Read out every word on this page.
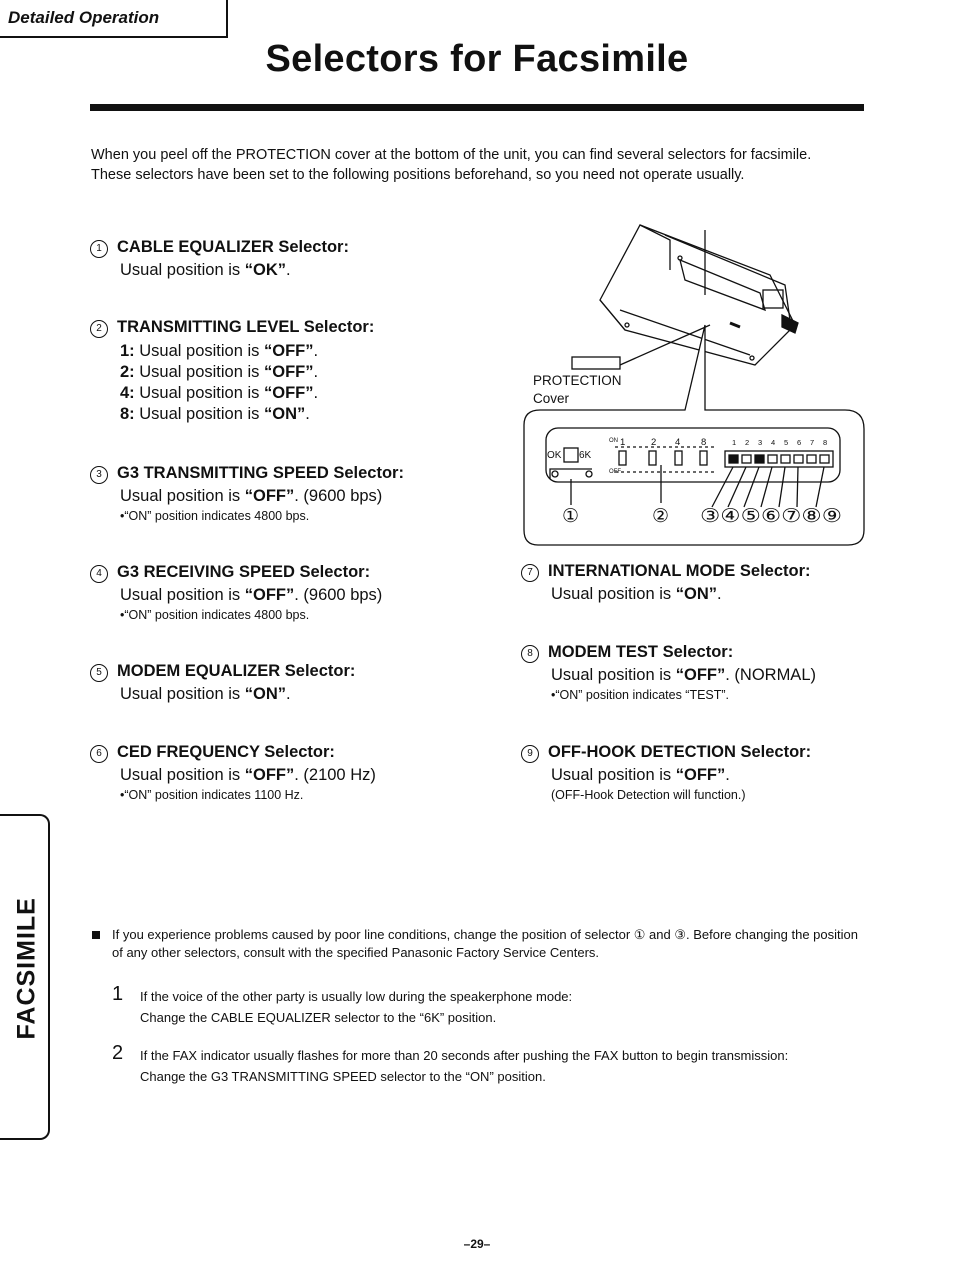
Detailed Operation
Selectors for Facsimile
When you peel off the PROTECTION cover at the bottom of the unit, you can find several selectors for facsimile. These selectors have been set to the following positions beforehand, so you need not operate usually.
1 CABLE EQUALIZER Selector:
Usual position is “OK”.
2 TRANSMITTING LEVEL Selector:
1: Usual position is “OFF”.
2: Usual position is “OFF”.
4: Usual position is “OFF”.
8: Usual position is “ON”.
3 G3 TRANSMITTING SPEED Selector:
Usual position is “OFF”. (9600 bps)
•“ON” position indicates 4800 bps.
4 G3 RECEIVING SPEED Selector:
Usual position is “OFF”. (9600 bps)
•“ON” position indicates 4800 bps.
5 MODEM EQUALIZER Selector:
Usual position is “ON”.
6 CED FREQUENCY Selector:
Usual position is “OFF”. (2100 Hz)
•“ON” position indicates 1100 Hz.
7 INTERNATIONAL MODE Selector:
Usual position is “ON”.
8 MODEM TEST Selector:
Usual position is “OFF”. (NORMAL)
•“ON” position indicates “TEST”.
9 OFF-HOOK DETECTION Selector:
Usual position is “OFF”.
(OFF-Hook Detection will function.)
PROTECTION
Cover
OK 6K
ON
OFF
1	2 4 8	1 2 3 4 5 6 7 8
①	② ③④⑤⑥⑦⑧⑨
FACSIMILE	If you experience problems caused by poor line conditions, change the position of selector ① and ③. Before changing the position of any other selectors, consult with the specified Panasonic Factory Service Centers.
1 If the voice of the other party is usually low during the speakerphone mode:
Change the CABLE EQUALIZER selector to the “6K” position.
2 If the FAX indicator usually flashes for more than 20 seconds after pushing the FAX button to begin transmission:
Change the G3 TRANSMITTING SPEED selector to the “ON” position.
–29–
